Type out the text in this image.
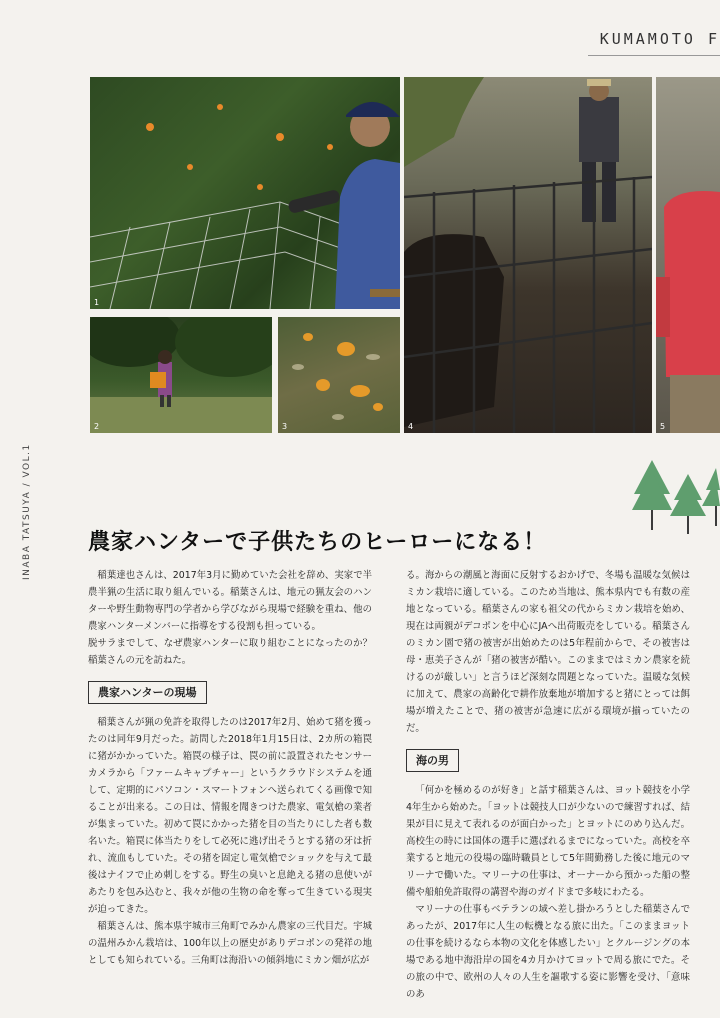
KUMAMOTO F
INABA TATSUYA / VOL.1
1
2	3	4	5
農家ハンターで子供たちのヒーローになる！

稲葉達也さんは、2017年3月に勤めていた会社を辞め、実家で半農半猟の生活に取り組んでいる。稲葉さんは、地元の猟友会のハンターや野生動物専門の学者から学びながら現場で経験を重ね、他の農家ハンターメンバーに指導をする役割も担っている。

脱サラまでして、なぜ農家ハンターに取り組むことになったのか？稲葉さんの元を訪ねた。

農家ハンターの現場

稲葉さんが猟の免許を取得したのは2017年2月、始めて猪を獲ったのは同年9月だった。訪問した2018年1月15日は、2カ所の箱罠に猪がかかっていた。箱罠の様子は、罠の前に設置されたセンサーカメラから「ファームキャプチャー」というクラウドシステムを通して、定期的にパソコン・スマートフォンへ送られてくる画像で知ることが出来る。この日は、情報を聞きつけた農家、電気槍の業者が集まっていた。初めて罠にかかった猪を目の当たりにした者も数名いた。箱罠に体当たりをして必死に逃げ出そうとする猪の牙は折れ、流血もしていた。その猪を固定し電気槍でショックを与えて最後はナイフで止め刺しをする。野生の臭いと息絶える猪の息使いがあたりを包み込むと、我々が他の生物の命を奪って生きている現実が迫ってきた。

稲葉さんは、熊本県宇城市三角町でみかん農家の三代目だ。宇城の温州みかん栽培は、100年以上の歴史がありデコポンの発祥の地としても知られている。三角町は海沿いの傾斜地にミカン畑が広が

る。海からの潮風と海面に反射するおかげで、冬場も温暖な気候はミカン栽培に適している。このため当地は、熊本県内でも有数の産地となっている。稲葉さんの家も祖父の代からミカン栽培を始め、現在は両親がデコポンを中心にJAへ出荷販売をしている。稲葉さんのミカン園で猪の被害が出始めたのは5年程前からで、その被害は母・恵美子さんが「猪の被害が酷い。このままではミカン農家を続けるのが厳しい」と言うほど深刻な問題となっていた。温暖な気候に加えて、農家の高齢化で耕作放棄地が増加すると猪にとっては餌場が増えたことで、猪の被害が急速に広がる環境が揃っていたのだ。

海の男

「何かを極めるのが好き」と話す稲葉さんは、ヨット競技を小学4年生から始めた。「ヨットは競技人口が少ないので練習すれば、結果が目に見えて表れるのが面白かった」とヨットにのめり込んだ。高校生の時には国体の選手に選ばれるまでになっていた。高校を卒業すると地元の役場の臨時職員として5年間勤務した後に地元のマリーナで働いた。マリーナの仕事は、オーナーから預かった船の整備や船舶免許取得の講習や海のガイドまで多岐にわたる。

マリーナの仕事もベテランの域へ差し掛かろうとした稲葉さんであったが、2017年に人生の転機となる旅に出た。「このままヨットの仕事を続けるなら本物の文化を体感したい」とクルージングの本場である地中海沿岸の国を4カ月かけてヨットで周る旅にでた。その旅の中で、欧州の人々の人生を謳歌する姿に影響を受け、「意味のあ
